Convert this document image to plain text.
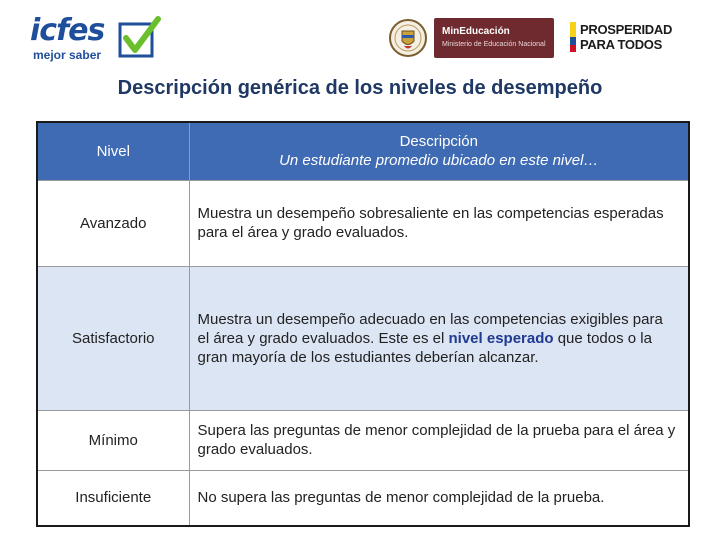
icfes
mejor saber
MinEducación
Ministerio de Educación Nacional
PROSPERIDAD
PARA TODOS
Descripción genérica de los niveles de desempeño
Nivel	Descripción
Un estudiante promedio ubicado en este nivel…

Avanzado	Muestra un desempeño sobresaliente en las competencias esperadas para el área y grado evaluados.
Satisfactorio	Muestra un desempeño adecuado en las competencias exigibles para el área y grado evaluados. Este es el nivel esperado que todos o la gran mayoría de los estudiantes deberían alcanzar.
Mínimo	Supera las preguntas de menor complejidad de la prueba para el área y grado evaluados.
Insuficiente	No supera las preguntas de menor complejidad de la prueba.
